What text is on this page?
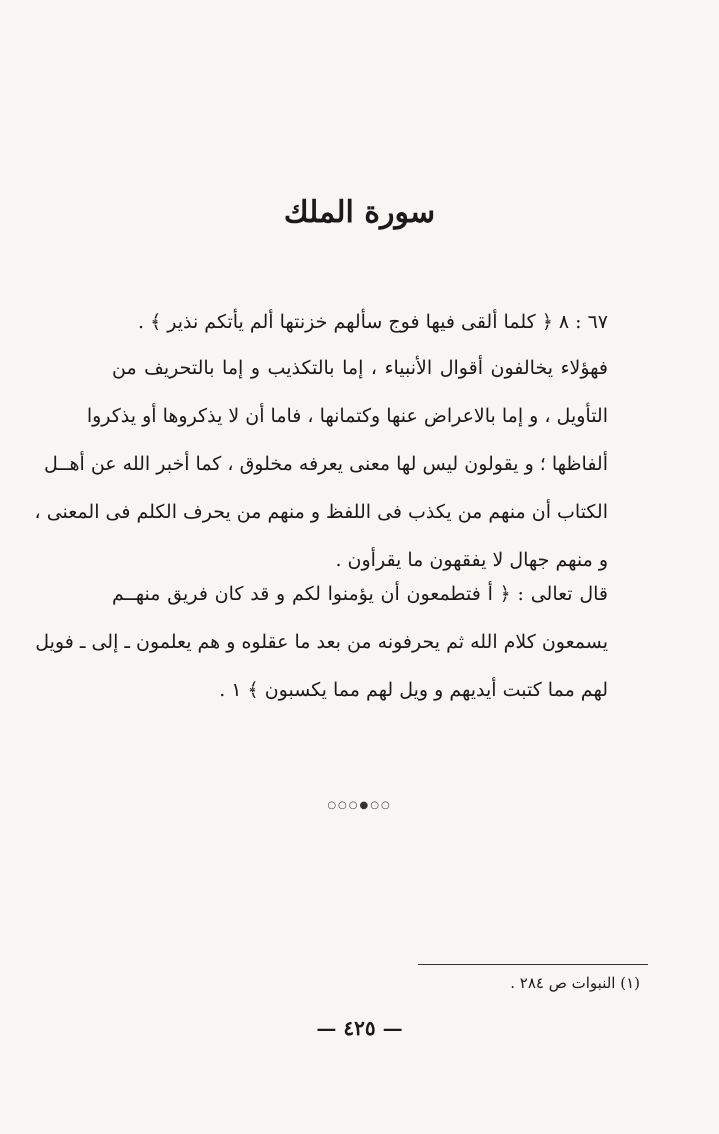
سورة الملك
٦٧ : ٨ ﴿ كلما ألقى فيها فوج سألهم خزنتها ألم يأتكم نذير ﴾ .
فهؤلاء يخالفون أقوال الأنبياء ، إما بالتكذيب و إما بالتحريف من
التأويل ، و إما بالاعراض عنها وكتمانها ، فاما أن لا يذكروها أو يذكروا
ألفاظها ؛ و يقولون ليس لها معنى يعرفه مخلوق ، كما أخبر الله عن أهــل
الكتاب أن منهم من يكذب فى اللفظ و منهم من يحرف الكلم فى المعنى ،
و منهم جهال لا يفقهون ما يقرأون .
قال تعالى : ﴿ أ فتطمعون أن يؤمنوا لكم و قد كان فريق منهــم
يسمعون كلام الله ثم يحرفونه من بعد ما عقلوه و هم يعلمون ـ إلى ـ فويل
لهم مما كتبت أيديهم و ويل لهم مما يكسبون ﴾ ١ .
○○○●○○
(١) النبوات ص ٢٨٤ .
— ٤٢٥ —
